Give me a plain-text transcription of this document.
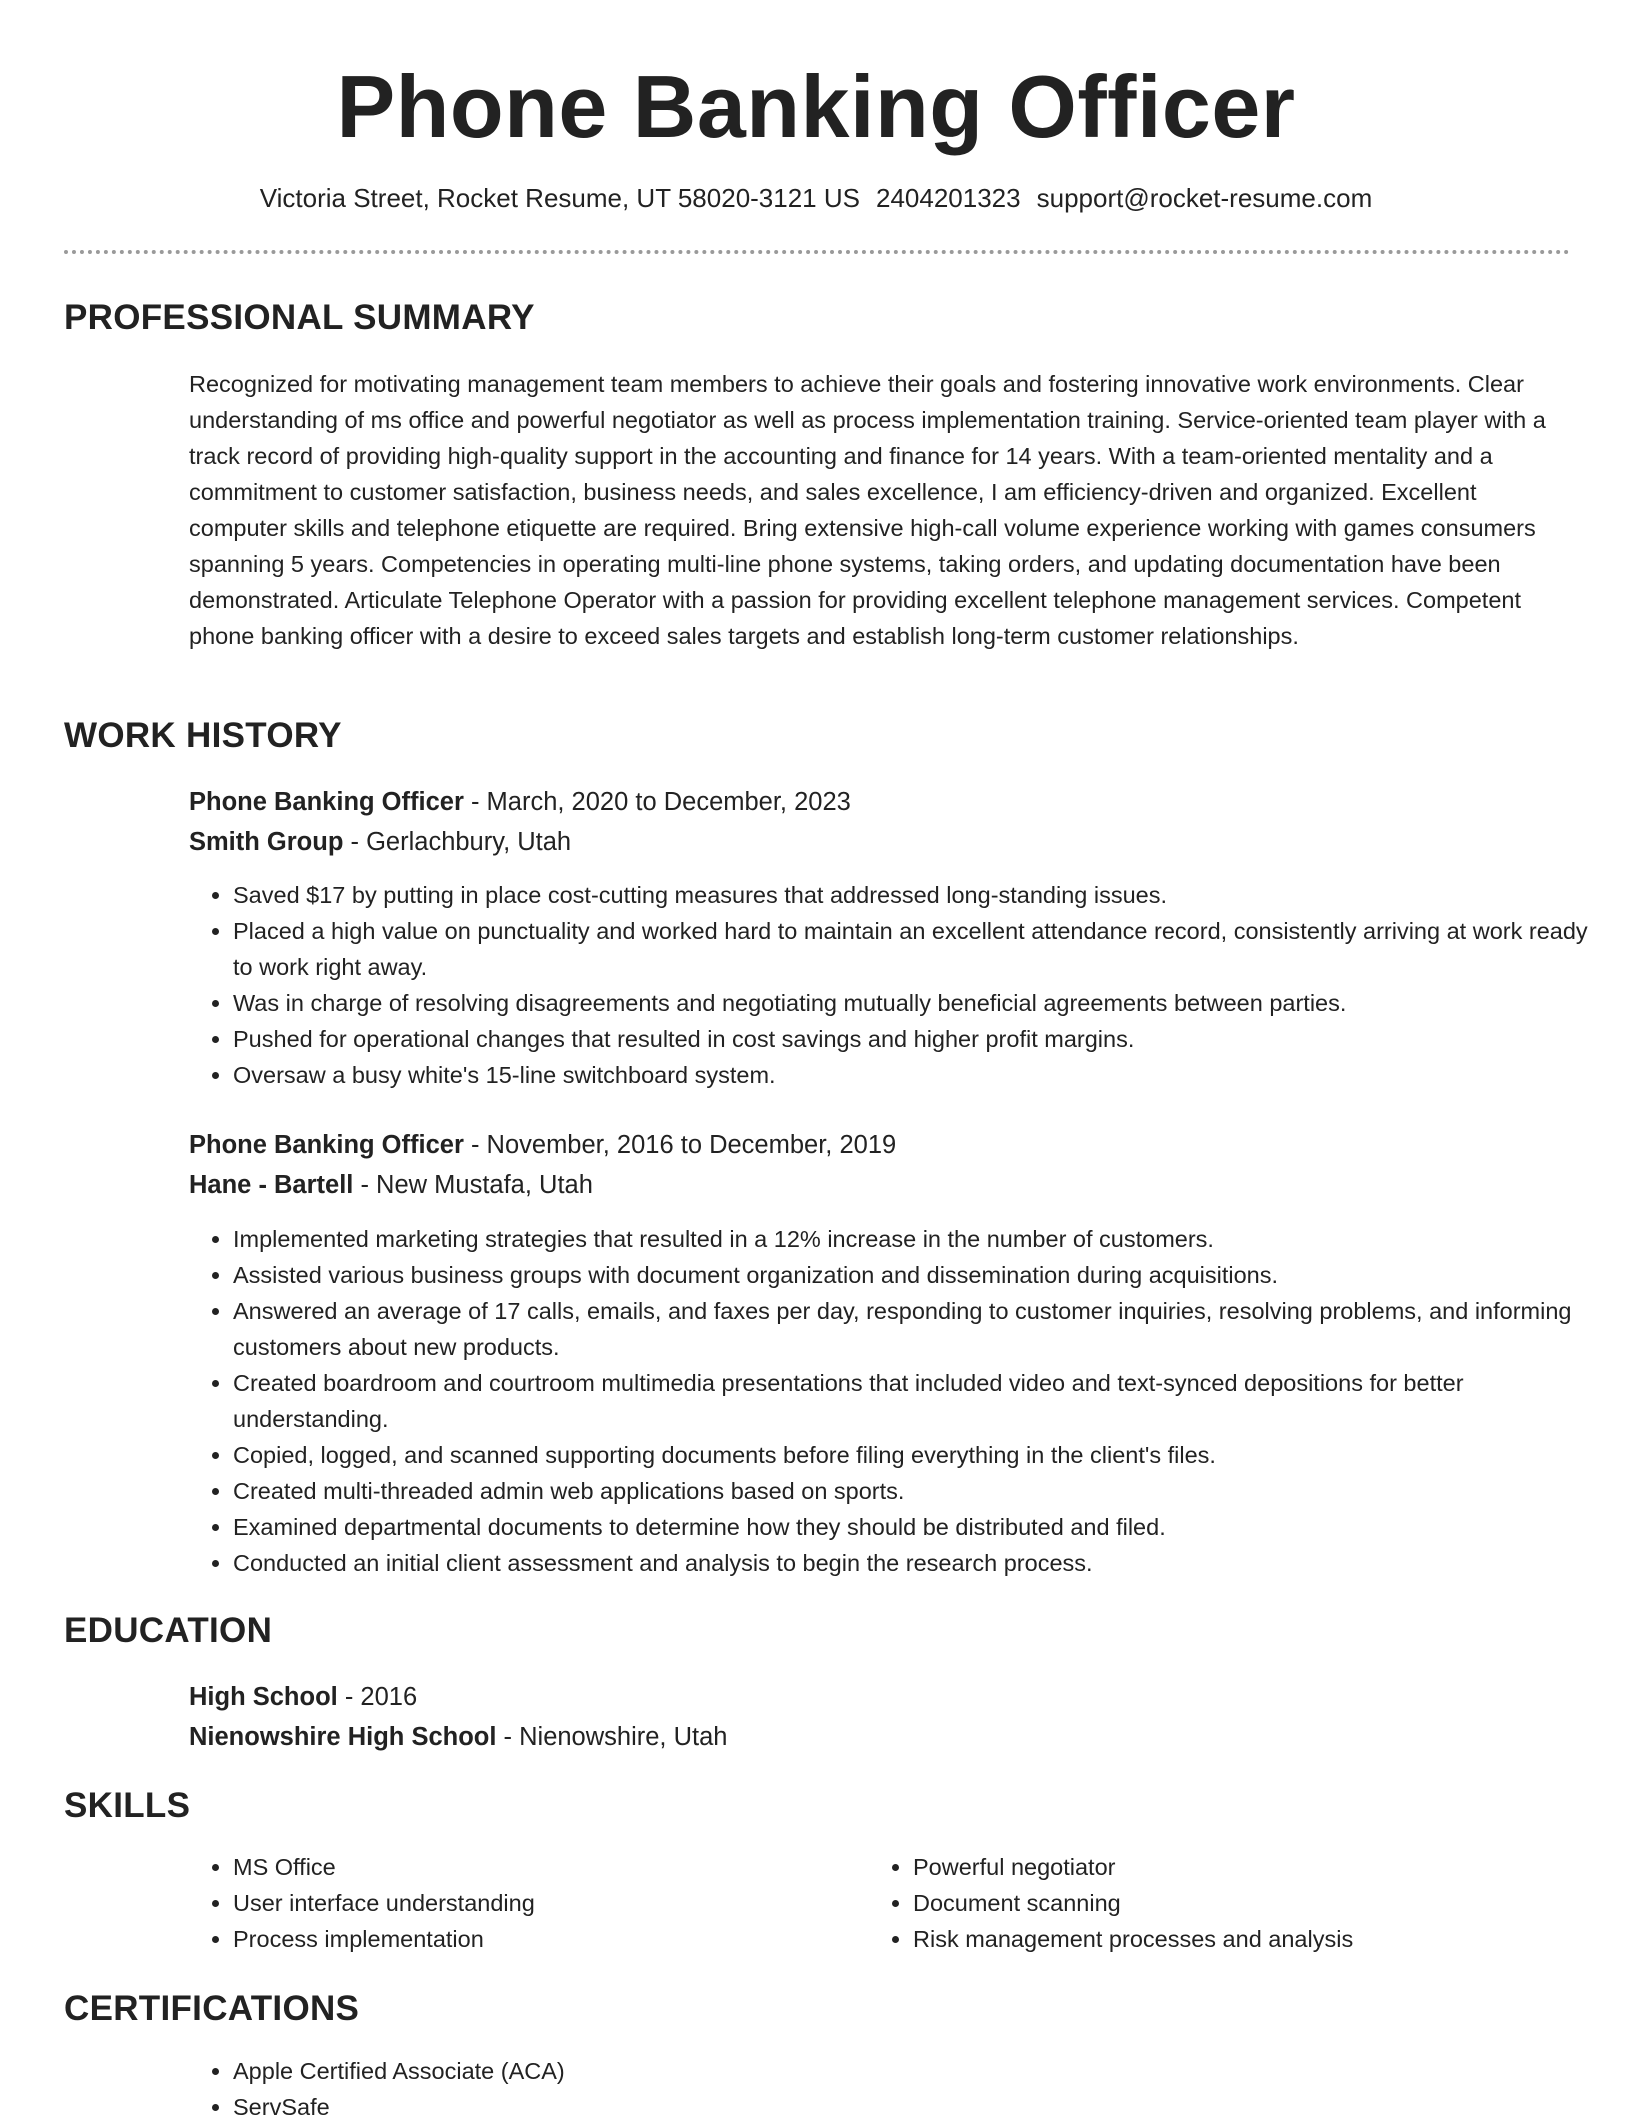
Phone Banking Officer
Victoria Street, Rocket Resume, UT 58020-3121 US 2404201323 support@rocket-resume.com
PROFESSIONAL SUMMARY

Recognized for motivating management team members to achieve their goals and fostering innovative work environments. Clear understanding of ms office and powerful negotiator as well as process implementation training. Service-oriented team player with a track record of providing high-quality support in the accounting and finance for 14 years. With a team-oriented mentality and a commitment to customer satisfaction, business needs, and sales excellence, I am efficiency-driven and organized. Excellent computer skills and telephone etiquette are required. Bring extensive high-call volume experience working with games consumers spanning 5 years. Competencies in operating multi-line phone systems, taking orders, and updating documentation have been demonstrated. Articulate Telephone Operator with a passion for providing excellent telephone management services. Competent phone banking officer with a desire to exceed sales targets and establish long-term customer relationships.

WORK HISTORY
Phone Banking Officer - March, 2020 to December, 2023
Smith Group - Gerlachbury, Utah
• Saved $17 by putting in place cost-cutting measures that addressed long-standing issues.
• Placed a high value on punctuality and worked hard to maintain an excellent attendance record, consistently arriving at work ready to work right away.
• Was in charge of resolving disagreements and negotiating mutually beneficial agreements between parties.
• Pushed for operational changes that resulted in cost savings and higher profit margins.
• Oversaw a busy white's 15-line switchboard system.
Phone Banking Officer - November, 2016 to December, 2019
Hane - Bartell - New Mustafa, Utah
• Implemented marketing strategies that resulted in a 12% increase in the number of customers.
• Assisted various business groups with document organization and dissemination during acquisitions.
• Answered an average of 17 calls, emails, and faxes per day, responding to customer inquiries, resolving problems, and informing customers about new products.
• Created boardroom and courtroom multimedia presentations that included video and text-synced depositions for better understanding.
• Copied, logged, and scanned supporting documents before filing everything in the client's files.
• Created multi-threaded admin web applications based on sports.
• Examined departmental documents to determine how they should be distributed and filed.
• Conducted an initial client assessment and analysis to begin the research process.
EDUCATION
High School - 2016
Nienowshire High School - Nienowshire, Utah
SKILLS
• MS Office
• User interface understanding
• Process implementation
• Powerful negotiator
• Document scanning
• Risk management processes and analysis
CERTIFICATIONS
• Apple Certified Associate (ACA)
• ServSafe
